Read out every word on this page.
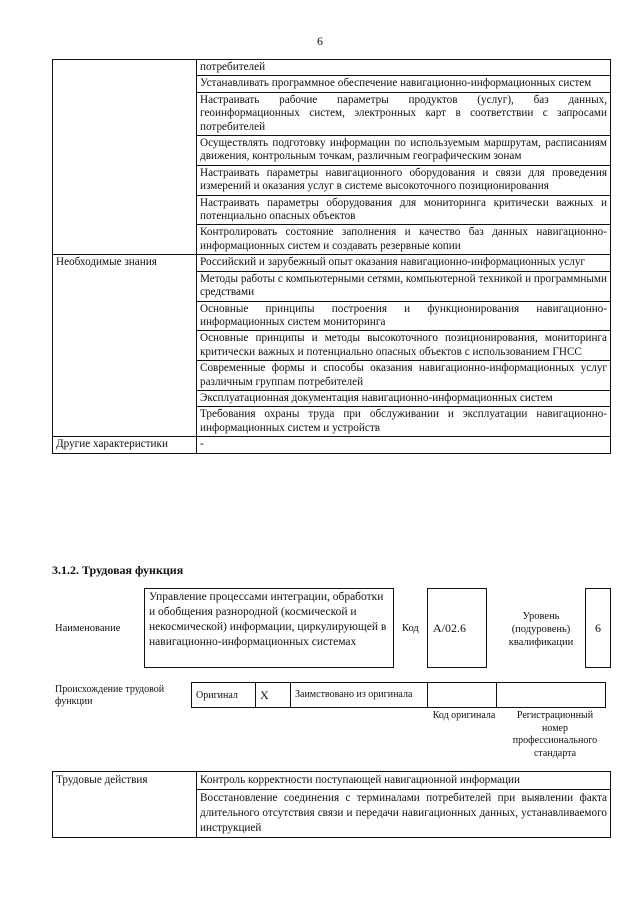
6
	потребителей
	Устанавливать программное обеспечение навигационно-информационных систем
	Настраивать рабочие параметры продуктов (услуг), баз данных, геоинформационных систем, электронных карт в соответствии с запросами потребителей
	Осуществлять подготовку информации по используемым маршрутам, расписаниям движения, контрольным точкам, различным географическим зонам
	Настраивать параметры навигационного оборудования и связи для проведения измерений и оказания услуг в системе высокоточного позиционирования
	Настраивать параметры оборудования для мониторинга критически важных и потенциально опасных объектов
	Контролировать состояние заполнения и качество баз данных навигационно-информационных систем и создавать резервные копии
Необходимые знания	Российский и зарубежный опыт оказания навигационно-информационных услуг
	Методы работы с компьютерными сетями, компьютерной техникой и программными средствами
	Основные принципы построения и функционирования навигационно-информационных систем мониторинга
	Основные принципы и методы высокоточного позиционирования, мониторинга критически важных и потенциально опасных объектов с использованием ГНСС
	Современные формы и способы оказания навигационно-информационных услуг различным группам потребителей
	Эксплуатационная документация навигационно-информационных систем
	Требования охраны труда при обслуживании и эксплуатации навигационно-информационных систем и устройств
Другие характеристики	-
3.1.2. Трудовая функция
Наименование
Управление процессами интеграции, обработки и обобщения разнородной (космической и некосмической) информации, циркулирующей в навигационно-информационных системах
Код A/02.6
Уровень (подуровень) квалификации
6
Происхождение трудовой функции
Оригинал	X	Заимствовано из оригинала		
Код оригинала	Регистрационный номер профессионального стандарта
Трудовые действия	Контроль корректности поступающей навигационной информации
Восстановление соединения с терминалами потребителей при выявлении факта длительного отсутствия связи и передачи навигационных данных, устанавливаемого инструкцией
